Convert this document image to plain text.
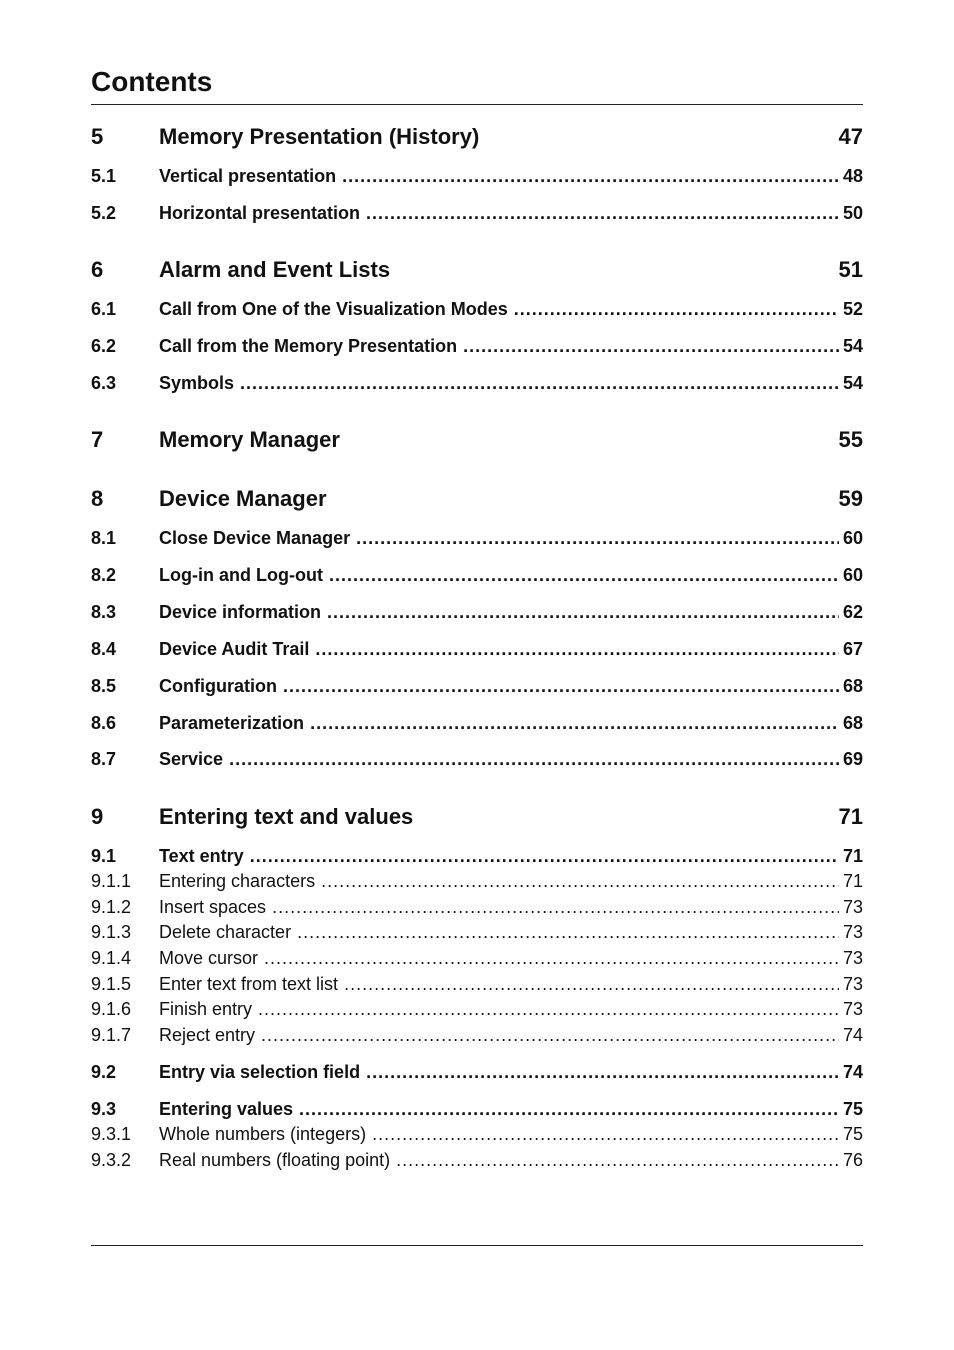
Contents
5	Memory Presentation (History)	47
5.1	Vertical presentation .....	48
5.2	Horizontal presentation .....	50
6	Alarm and Event Lists	51
6.1	Call from One of the Visualization Modes .....	52
6.2	Call from the Memory Presentation .....	54
6.3	Symbols .....	54
7	Memory Manager	55
8	Device Manager	59
8.1	Close Device Manager .....	60
8.2	Log-in and Log-out .....	60
8.3	Device information .....	62
8.4	Device Audit Trail .....	67
8.5	Configuration .....	68
8.6	Parameterization .....	68
8.7	Service .....	69
9	Entering text and values	71
9.1	Text entry .....	71
9.1.1	Entering characters .....	71
9.1.2	Insert spaces .....	73
9.1.3	Delete character .....	73
9.1.4	Move cursor .....	73
9.1.5	Enter text from text list .....	73
9.1.6	Finish entry .....	73
9.1.7	Reject entry .....	74
9.2	Entry via selection field .....	74
9.3	Entering values .....	75
9.3.1	Whole numbers (integers) .....	75
9.3.2	Real numbers (floating point) .....	76
